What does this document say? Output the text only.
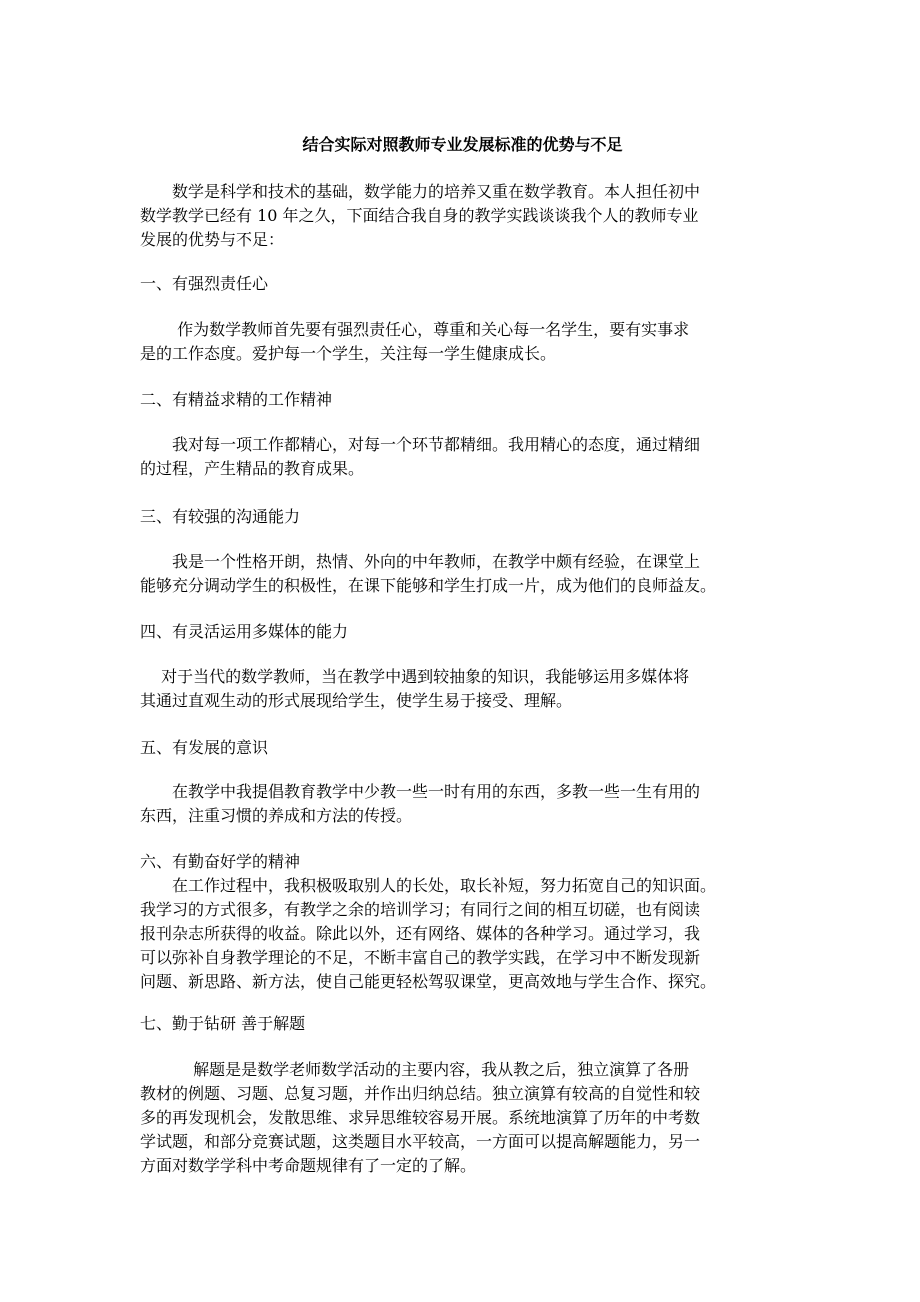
结合实际对照教师专业发展标准的优势与不足
　　数学是科学和技术的基础，数学能力的培养又重在数学教育。本人担任初中
数学教学已经有 10 年之久，下面结合我自身的教学实践谈谈我个人的教师专业
发展的优势与不足：
一、有强烈责任心
　　 作为数学教师首先要有强烈责任心，尊重和关心每一名学生，要有实事求
是的工作态度。爱护每一个学生，关注每一学生健康成长。
二、有精益求精的工作精神
　　我对每一项工作都精心，对每一个环节都精细。我用精心的态度，通过精细
的过程，产生精品的教育成果。
三、有较强的沟通能力
　　我是一个性格开朗，热情、外向的中年教师，在教学中颇有经验，在课堂上
能够充分调动学生的积极性，在课下能够和学生打成一片，成为他们的良师益友。
四、有灵活运用多媒体的能力
　 对于当代的数学教师，当在教学中遇到较抽象的知识，我能够运用多媒体将
其通过直观生动的形式展现给学生，使学生易于接受、理解。
五、有发展的意识
　　在教学中我提倡教育教学中少教一些一时有用的东西，多教一些一生有用的
东西，注重习惯的养成和方法的传授。
六、有勤奋好学的精神
　　在工作过程中，我积极吸取别人的长处，取长补短，努力拓宽自己的知识面。
我学习的方式很多，有教学之余的培训学习；有同行之间的相互切磋，也有阅读
报刊杂志所获得的收益。除此以外，还有网络、媒体的各种学习。通过学习，我
可以弥补自身教学理论的不足，不断丰富自己的教学实践，在学习中不断发现新
问题、新思路、新方法，使自己能更轻松驾驭课堂，更高效地与学生合作、探究。
七、勤于钻研 善于解题
　　　 解题是是数学老师数学活动的主要内容，我从教之后，独立演算了各册
教材的例题、习题、总复习题，并作出归纳总结。独立演算有较高的自觉性和较
多的再发现机会，发散思维、求异思维较容易开展。系统地演算了历年的中考数
学试题，和部分竞赛试题，这类题目水平较高，一方面可以提高解题能力，另一
方面对数学学科中考命题规律有了一定的了解。
